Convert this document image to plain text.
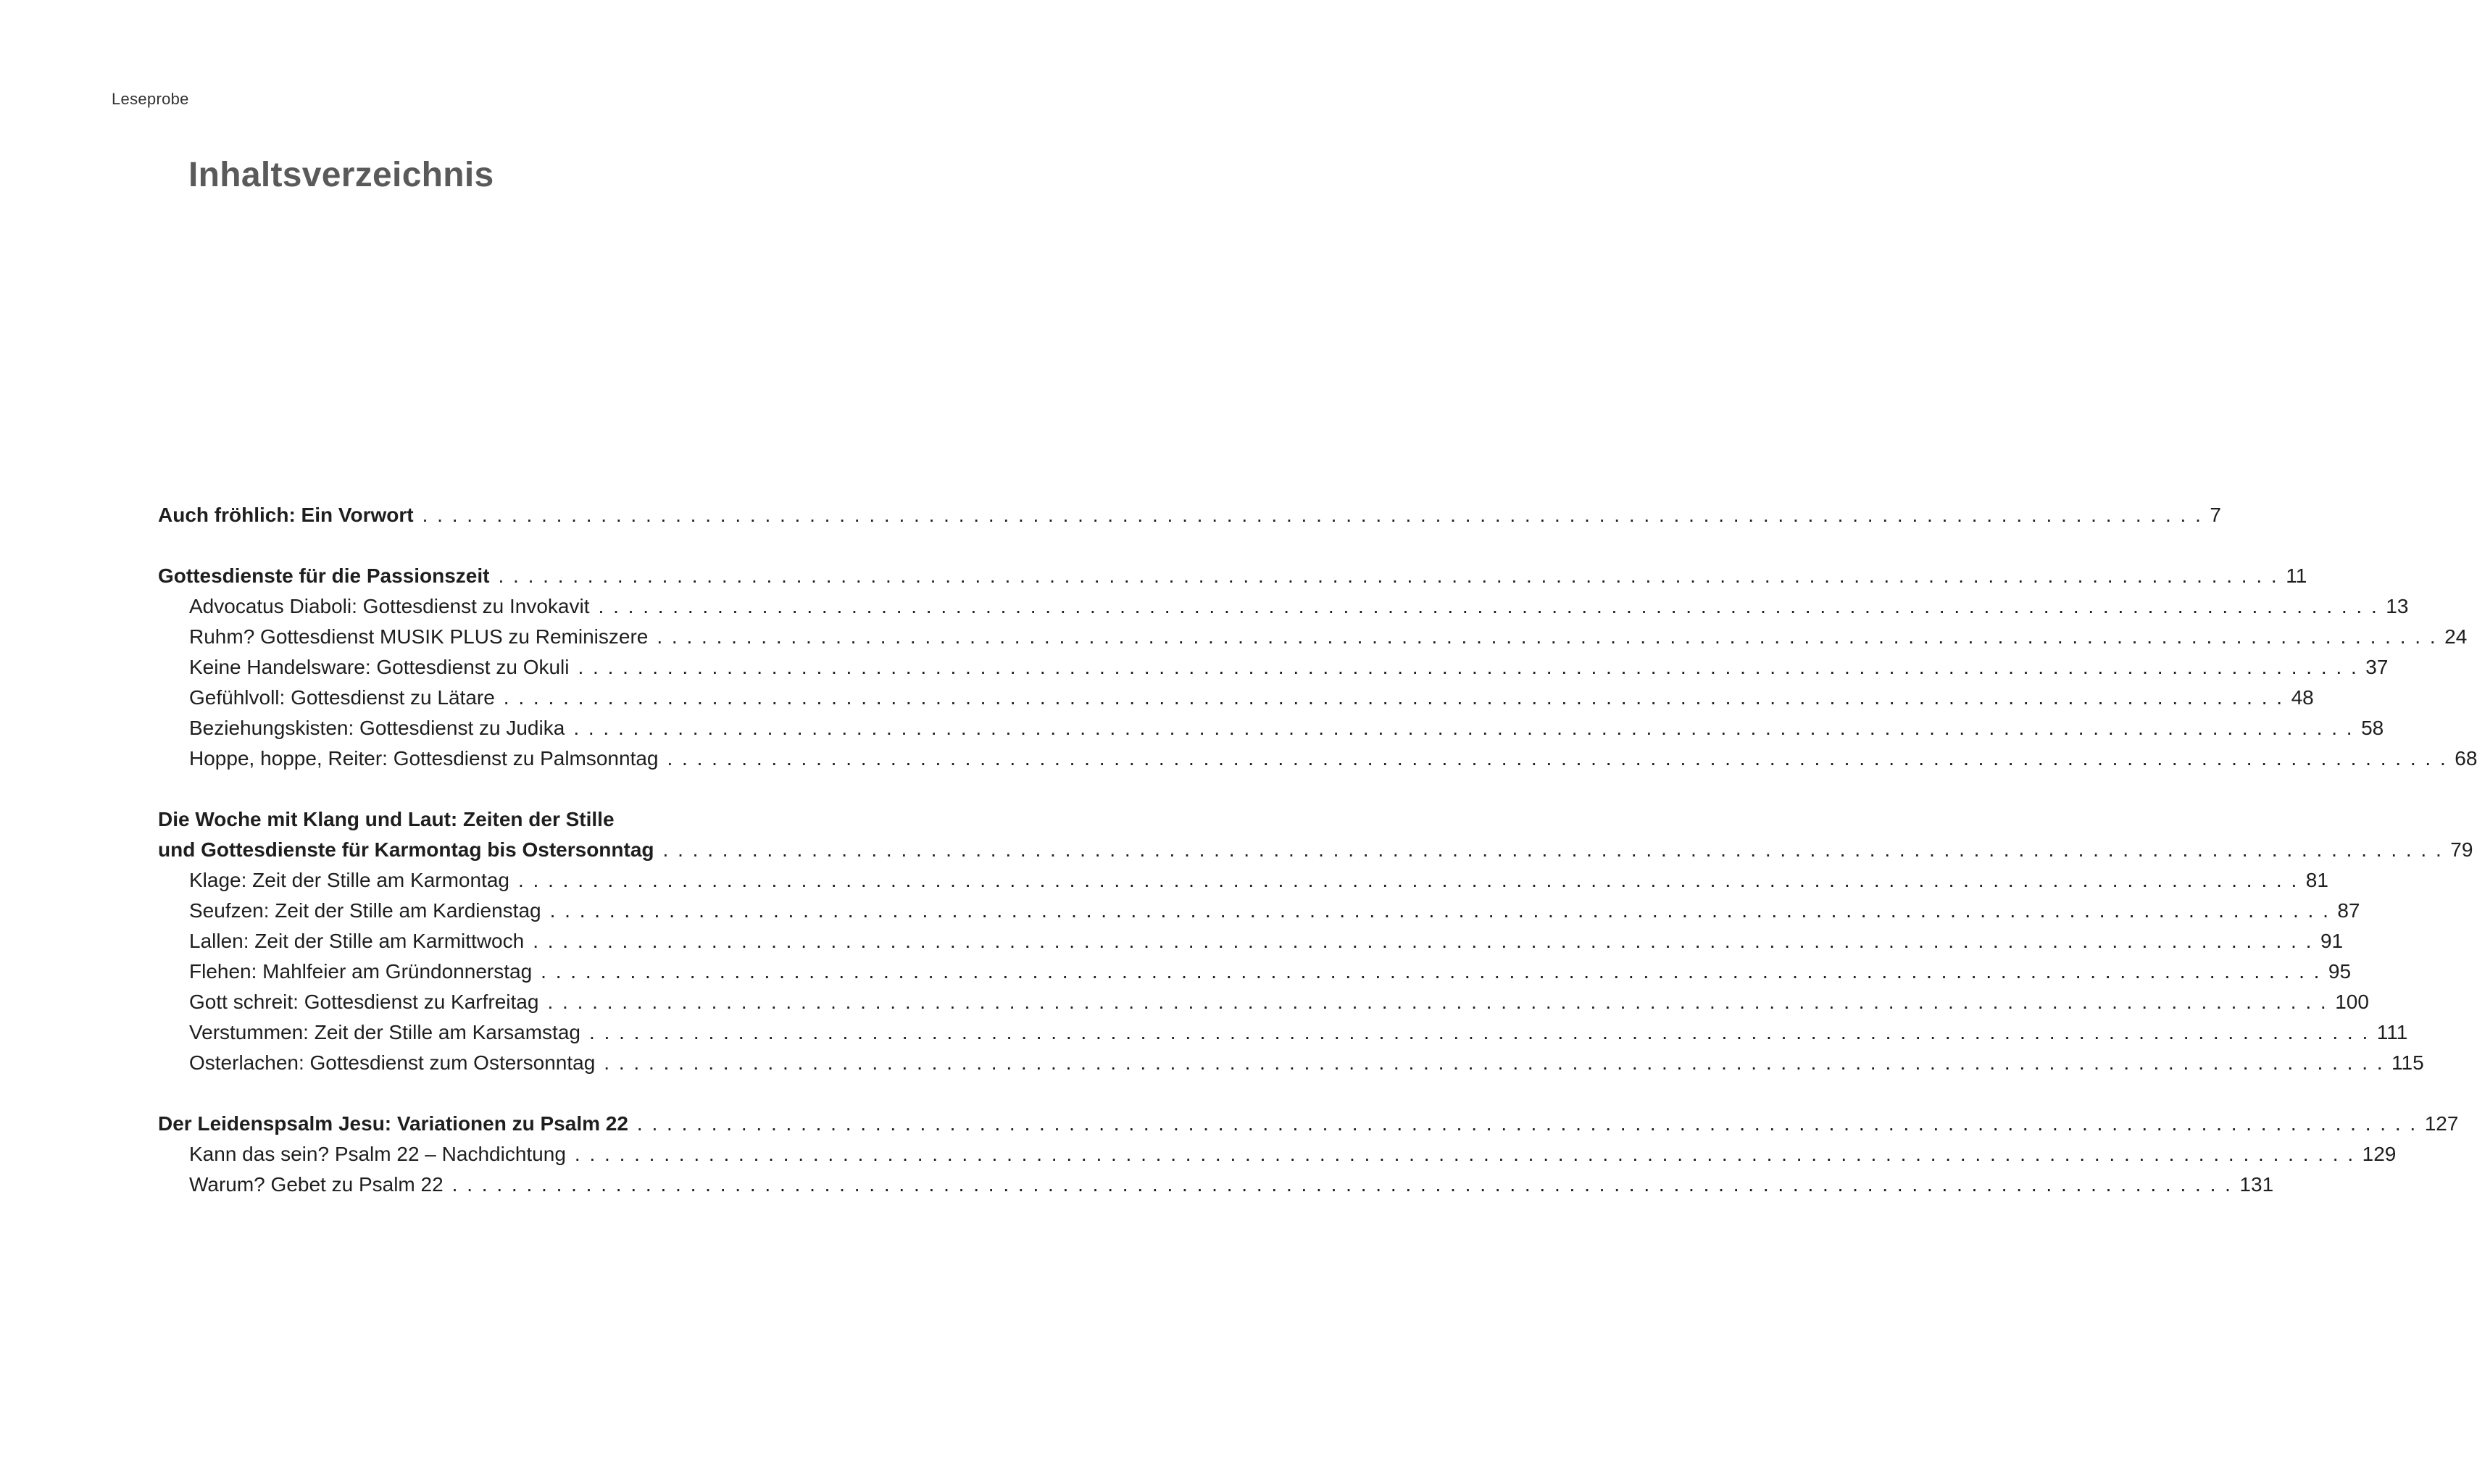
Leseprobe
Inhaltsverzeichnis
Auch fröhlich: Ein Vorwort . . . . . . . . . . . . . . . . . . . . . . . . . . . . . . . . . . . . . . . . . . . . . . . . . . . . . . . . . . . . . . . . . . . . . . . . . . . . . . . . . . . . . . . . . . . . . . . . . . . . . . . . . . . . . . . . . . . . . . . . 7
Gottesdienste für die Passionszeit . . . . . . . . . . . . . . . . . . . . . . . . . . . . . . . . . . . . . . . . . . . . . . . . . . . . . . . . . . . . . . . . . . . . . . . . . . . . . . . . . . . . . . . . . . . . . . . . . . . . . . . . . . . . . . . . . . . . . . . . 11
Advocatus Diaboli: Gottesdienst zu Invokavit . . . . . . . . . . . . . . . . . . . . . . . . . . . . . . . . . . . . . . . . . . . . . . . . . . . . . . . . . . . . . . . . . . . . . . . . . . . . . . . . . . . . . . . . . . . . . . . . . . . . . . . . . . . . . . . . . . . . . . . . 13
Ruhm? Gottesdienst MUSIK PLUS zu Reminiszere . . . . . . . . . . . . . . . . . . . . . . . . . . . . . . . . . . . . . . . . . . . . . . . . . . . . . . . . . . . . . . . . . . . . . . . . . . . . . . . . . . . . . . . . . . . . . . . . . . . . . . . . . . . . . . . . . . . . . . . . 24
Keine Handelsware: Gottesdienst zu Okuli . . . . . . . . . . . . . . . . . . . . . . . . . . . . . . . . . . . . . . . . . . . . . . . . . . . . . . . . . . . . . . . . . . . . . . . . . . . . . . . . . . . . . . . . . . . . . . . . . . . . . . . . . . . . . . . . . . . . . . . . 37
Gefühlvoll: Gottesdienst zu Lätare . . . . . . . . . . . . . . . . . . . . . . . . . . . . . . . . . . . . . . . . . . . . . . . . . . . . . . . . . . . . . . . . . . . . . . . . . . . . . . . . . . . . . . . . . . . . . . . . . . . . . . . . . . . . . . . . . . . . . . . . 48
Beziehungskisten: Gottesdienst zu Judika . . . . . . . . . . . . . . . . . . . . . . . . . . . . . . . . . . . . . . . . . . . . . . . . . . . . . . . . . . . . . . . . . . . . . . . . . . . . . . . . . . . . . . . . . . . . . . . . . . . . . . . . . . . . . . . . . . . . . . . . 58
Hoppe, hoppe, Reiter: Gottesdienst zu Palmsonntag . . . . . . . . . . . . . . . . . . . . . . . . . . . . . . . . . . . . . . . . . . . . . . . . . . . . . . . . . . . . . . . . . . . . . . . . . . . . . . . . . . . . . . . . . . . . . . . . . . . . . . . . . . . . . . . . . . . . . . . . 68
Die Woche mit Klang und Laut: Zeiten der Stille
und Gottesdienste für Karmontag bis Ostersonntag . . . . . . . . . . . . . . . . . . . . . . . . . . . . . . . . . . . . . . . . . . . . . . . . . . . . . . . . . . . . . . . . . . . . . . . . . . . . . . . . . . . . . . . . . . . . . . . . . . . . . . . . . . . . . . . . . . . . . . . . 79
Klage: Zeit der Stille am Karmontag . . . . . . . . . . . . . . . . . . . . . . . . . . . . . . . . . . . . . . . . . . . . . . . . . . . . . . . . . . . . . . . . . . . . . . . . . . . . . . . . . . . . . . . . . . . . . . . . . . . . . . . . . . . . . . . . . . . . . . . . 81
Seufzen: Zeit der Stille am Kardienstag . . . . . . . . . . . . . . . . . . . . . . . . . . . . . . . . . . . . . . . . . . . . . . . . . . . . . . . . . . . . . . . . . . . . . . . . . . . . . . . . . . . . . . . . . . . . . . . . . . . . . . . . . . . . . . . . . . . . . . . . 87
Lallen: Zeit der Stille am Karmittwoch . . . . . . . . . . . . . . . . . . . . . . . . . . . . . . . . . . . . . . . . . . . . . . . . . . . . . . . . . . . . . . . . . . . . . . . . . . . . . . . . . . . . . . . . . . . . . . . . . . . . . . . . . . . . . . . . . . . . . . . . 91
Flehen: Mahlfeier am Gründonnerstag . . . . . . . . . . . . . . . . . . . . . . . . . . . . . . . . . . . . . . . . . . . . . . . . . . . . . . . . . . . . . . . . . . . . . . . . . . . . . . . . . . . . . . . . . . . . . . . . . . . . . . . . . . . . . . . . . . . . . . . . 95
Gott schreit: Gottesdienst zu Karfreitag . . . . . . . . . . . . . . . . . . . . . . . . . . . . . . . . . . . . . . . . . . . . . . . . . . . . . . . . . . . . . . . . . . . . . . . . . . . . . . . . . . . . . . . . . . . . . . . . . . . . . . . . . . . . . . . . . . . . . . . . 100
Verstummen: Zeit der Stille am Karsamstag . . . . . . . . . . . . . . . . . . . . . . . . . . . . . . . . . . . . . . . . . . . . . . . . . . . . . . . . . . . . . . . . . . . . . . . . . . . . . . . . . . . . . . . . . . . . . . . . . . . . . . . . . . . . . . . . . . . . . . . . 111
Osterlachen: Gottesdienst zum Ostersonntag . . . . . . . . . . . . . . . . . . . . . . . . . . . . . . . . . . . . . . . . . . . . . . . . . . . . . . . . . . . . . . . . . . . . . . . . . . . . . . . . . . . . . . . . . . . . . . . . . . . . . . . . . . . . . . . . . . . . . . . . 115
Der Leidenspsalm Jesu: Variationen zu Psalm 22 . . . . . . . . . . . . . . . . . . . . . . . . . . . . . . . . . . . . . . . . . . . . . . . . . . . . . . . . . . . . . . . . . . . . . . . . . . . . . . . . . . . . . . . . . . . . . . . . . . . . . . . . . . . . . . . . . . . . . . . . 127
Kann das sein? Psalm 22 – Nachdichtung . . . . . . . . . . . . . . . . . . . . . . . . . . . . . . . . . . . . . . . . . . . . . . . . . . . . . . . . . . . . . . . . . . . . . . . . . . . . . . . . . . . . . . . . . . . . . . . . . . . . . . . . . . . . . . . . . . . . . . . . 129
Warum? Gebet zu Psalm 22 . . . . . . . . . . . . . . . . . . . . . . . . . . . . . . . . . . . . . . . . . . . . . . . . . . . . . . . . . . . . . . . . . . . . . . . . . . . . . . . . . . . . . . . . . . . . . . . . . . . . . . . . . . . . . . . . . . . . . . . . 131
